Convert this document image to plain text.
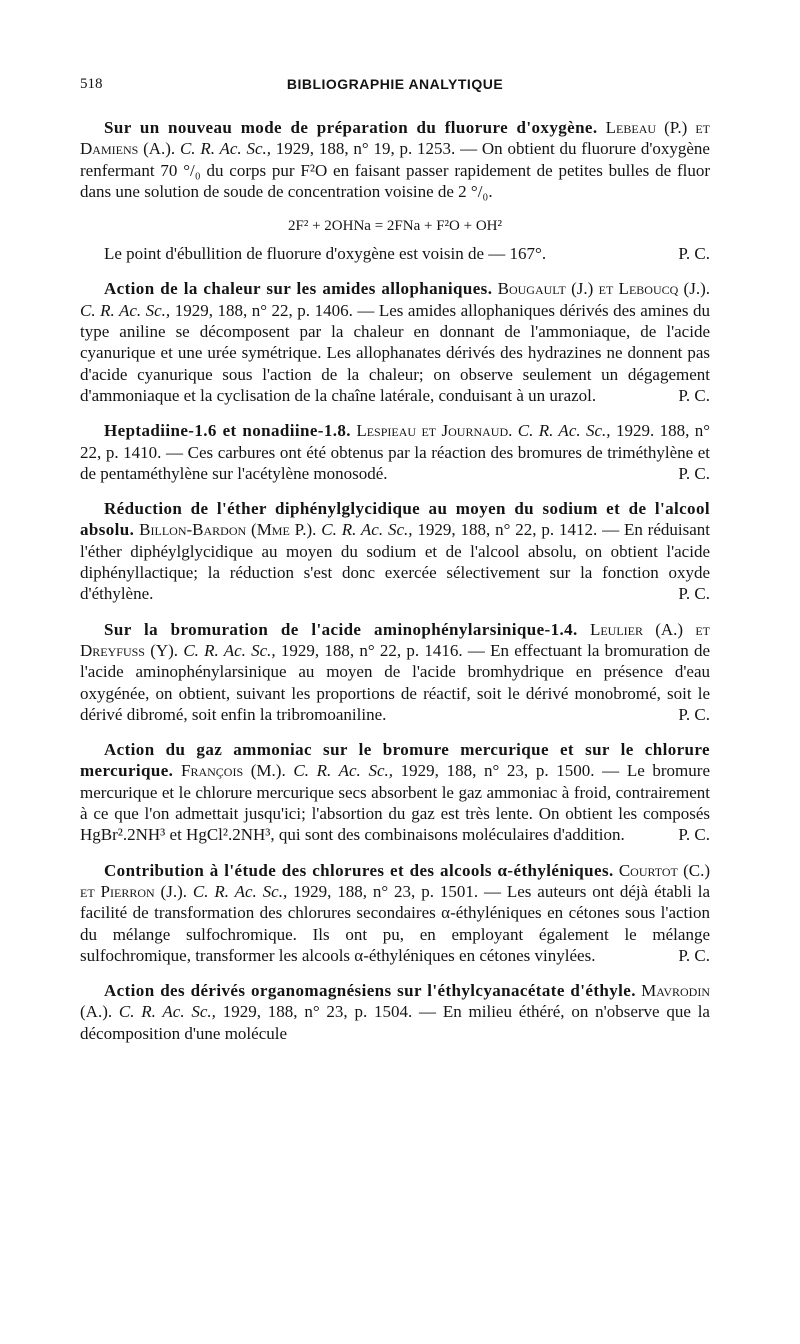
518	BIBLIOGRAPHIE ANALYTIQUE

Sur un nouveau mode de préparation du fluorure d'oxygène. Lebeau (P.) et Damiens (A.). C. R. Ac. Sc., 1929, 188, n° 19, p. 1253. — On obtient du fluorure d'oxygène renfermant 70 °/₀ du corps pur F²O en faisant passer rapidement de petites bulles de fluor dans une solution de soude de concentration voisine de 2 °/₀.

2F² + 2OHNa = 2FNa + F²O + OH²

P. C.
Le point d'ébullition de fluorure d'oxygène est voisin de — 167°.

Action de la chaleur sur les amides allophaniques. Bougault (J.) et Leboucq (J.). C. R. Ac. Sc., 1929, 188, n° 22, p. 1406. — Les amides allophaniques dérivés des amines du type aniline se décomposent par la chaleur en donnant de l'ammoniaque, de l'acide cyanurique et une urée symétrique. Les allophanates dérivés des hydrazines ne donnent pas d'acide cyanurique sous l'action de la chaleur; on observe seulement un dégagement d'ammoniaque et la cyclisation de la chaîne latérale, conduisant à un urazol.	P. C.

Heptadiine-1.6 et nonadiine-1.8. Lespieau et Journaud. C. R. Ac. Sc., 1929. 188, n° 22, p. 1410. — Ces carbures ont été obtenus par la réaction des bromures de triméthylène et de pentaméthylène sur l'acétylène monosodé.	P. C.

Réduction de l'éther diphénylglycidique au moyen du sodium et de l'alcool absolu. Billon-Bardon (Mme P.). C. R. Ac. Sc., 1929, 188, n° 22, p. 1412. — En réduisant l'éther diphéylglycidique au moyen du sodium et de l'alcool absolu, on obtient l'acide diphényllactique; la réduction s'est donc exercée sélectivement sur la fonction oxyde d'éthylène.	P. C.

Sur la bromuration de l'acide aminophénylarsinique-1.4. Leulier (A.) et Dreyfuss (Y). C. R. Ac. Sc., 1929, 188, n° 22, p. 1416. — En effectuant la bromuration de l'acide aminophénylarsinique au moyen de l'acide bromhydrique en présence d'eau oxygénée, on obtient, suivant les proportions de réactif, soit le dérivé monobromé, soit le dérivé dibromé, soit enfin la tribromoaniline.	P. C.

Action du gaz ammoniac sur le bromure mercurique et sur le chlorure mercurique. François (M.). C. R. Ac. Sc., 1929, 188, n° 23, p. 1500. — Le bromure mercurique et le chlorure mercurique secs absorbent le gaz ammoniac à froid, contrairement à ce que l'on admettait jusqu'ici; l'absortion du gaz est très lente. On obtient les composés HgBr².2NH³ et HgCl².2NH³, qui sont des combinaisons moléculaires d'addition.	P. C.

Contribution à l'étude des chlorures et des alcools α-éthyléniques. Courtot (C.) et Pierron (J.). C. R. Ac. Sc., 1929, 188, n° 23, p. 1501. — Les auteurs ont déjà établi la facilité de transformation des chlorures secondaires α-éthyléniques en cétones sous l'action du mélange sulfochromique. Ils ont pu, en employant également le mélange sulfochromique, transformer les alcools α-éthyléniques en cétones vinylées.	P. C.

Action des dérivés organomagnésiens sur l'éthylcyanacétate d'éthyle. Mavrodin (A.). C. R. Ac. Sc., 1929, 188, n° 23, p. 1504. — En milieu éthéré, on n'observe que la décomposition d'une molécule
